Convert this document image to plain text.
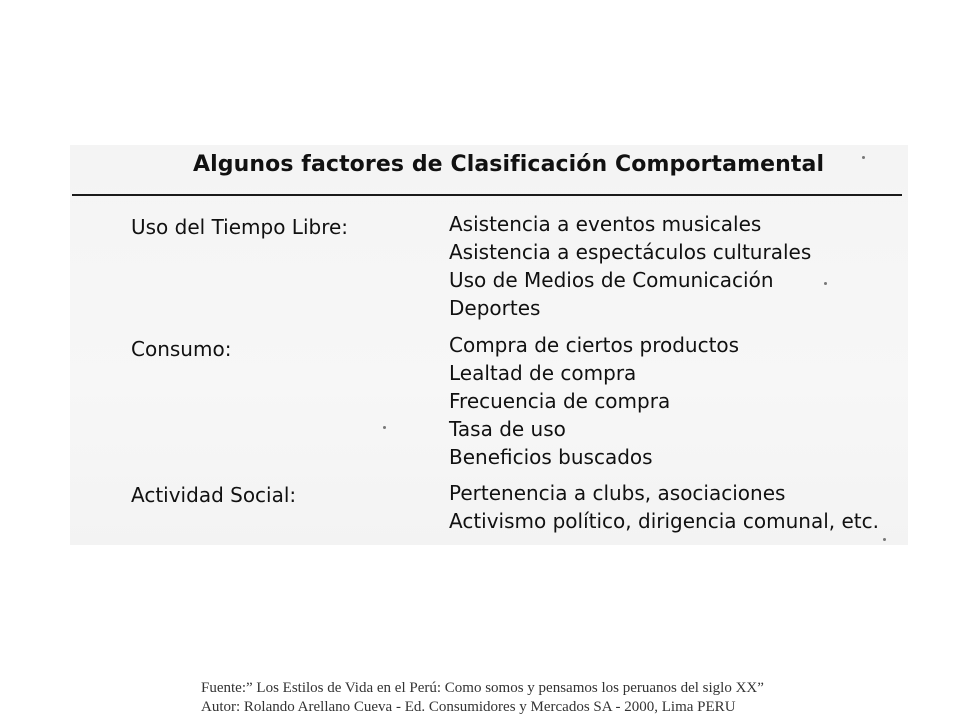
Algunos factores de Clasificación Comportamental
Uso del Tiempo Libre:	Asistencia a eventos musicales
Asistencia a espectáculos culturales
Uso de Medios de Comunicación
Deportes
Consumo:	Compra de ciertos productos
Lealtad de compra
Frecuencia de compra
Tasa de uso
Beneficios buscados
Actividad Social:	Pertenencia a clubs, asociaciones
Activismo político, dirigencia comunal, etc.
Fuente:” Los Estilos de Vida en el Perú: Como somos y pensamos los peruanos del siglo XX”
Autor: Rolando Arellano Cueva - Ed. Consumidores y Mercados SA - 2000, Lima PERU
